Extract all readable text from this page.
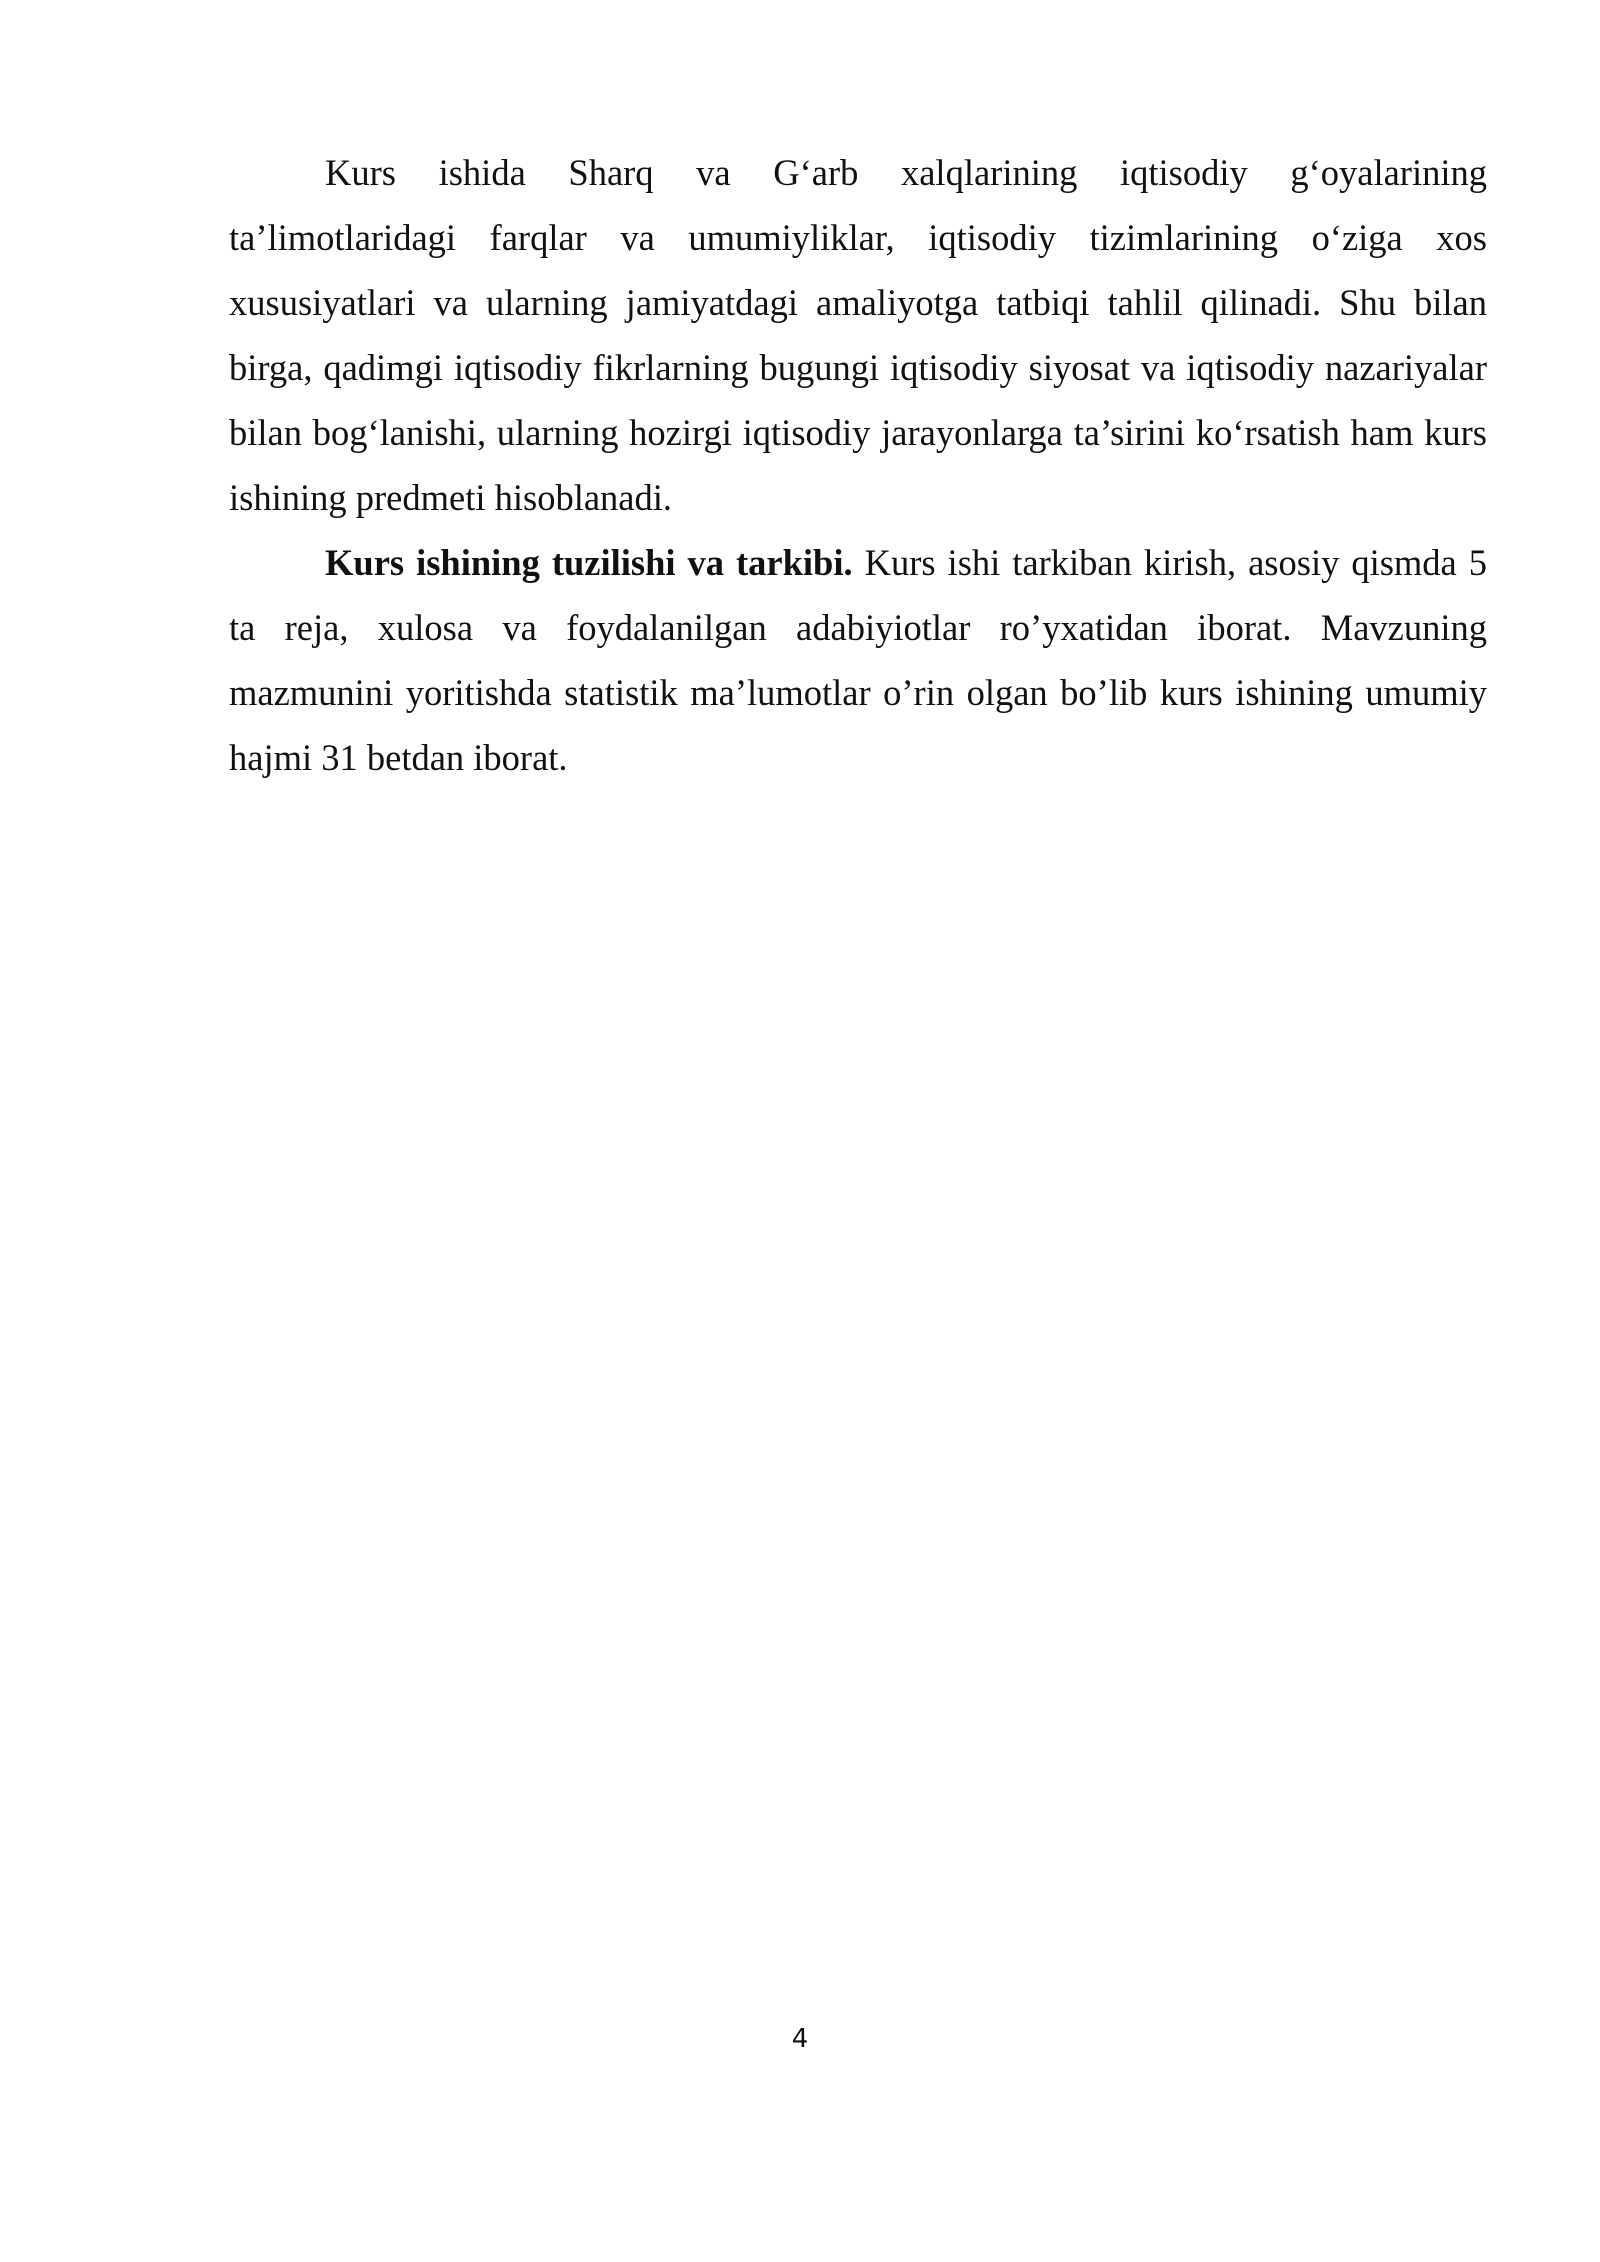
Kurs ishida Sharq va G‘arb xalqlarining iqtisodiy g‘oyalarining ta’limotlaridagi farqlar va umumiyliklar, iqtisodiy tizimlarining o‘ziga xos xususiyatlari va ularning jamiyatdagi amaliyotga tatbiqi tahlil qilinadi. Shu bilan birga, qadimgi iqtisodiy fikrlarning bugungi iqtisodiy siyosat va iqtisodiy nazariyalar bilan bog‘lanishi, ularning hozirgi iqtisodiy jarayonlarga ta’sirini ko‘rsatish ham kurs ishining predmeti hisoblanadi.

Kurs ishining tuzilishi va tarkibi. Kurs ishi tarkiban kirish, asosiy qismda 5 ta reja, xulosa va foydalanilgan adabiyiotlar ro’yxatidan iborat. Mavzuning mazmunini yoritishda statistik ma’lumotlar o’rin olgan bo’lib kurs ishining umumiy hajmi 31 betdan iborat.

4
